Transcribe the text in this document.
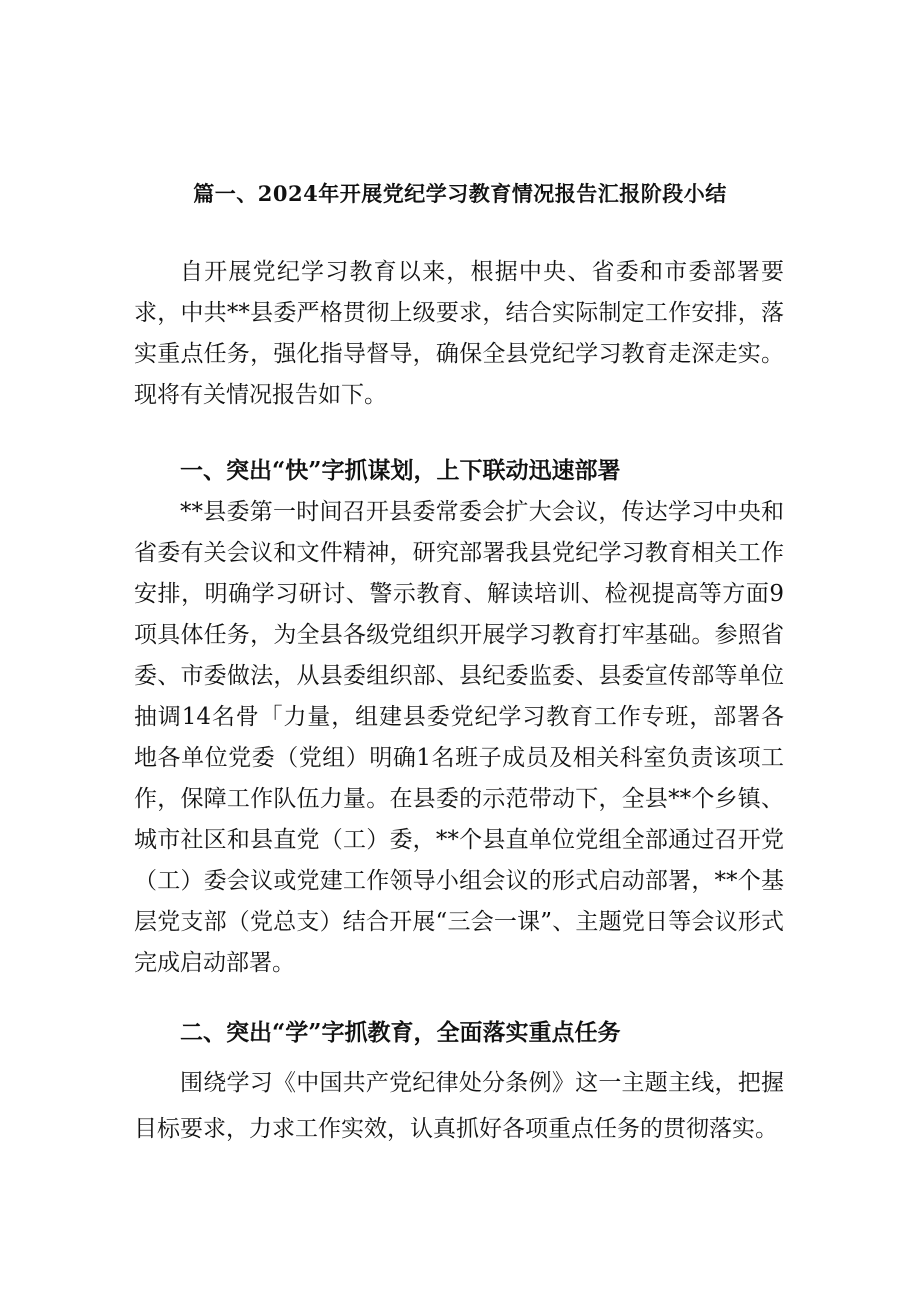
篇一、2024年开展党纪学习教育情况报告汇报阶段小结
自开展党纪学习教育以来，根据中央、省委和市委部署要求，中共**县委严格贯彻上级要求，结合实际制定工作安排，落实重点任务，强化指导督导，确保全县党纪学习教育走深走实。现将有关情况报告如下。
一、突出“快”字抓谋划，上下联动迅速部署
**县委第一时间召开县委常委会扩大会议，传达学习中央和省委有关会议和文件精神，研究部署我县党纪学习教育相关工作安排，明确学习研讨、警示教育、解读培训、检视提高等方面9项具体任务，为全县各级党组织开展学习教育打牢基础。参照省委、市委做法，从县委组织部、县纪委监委、县委宣传部等单位抽调14名骨「力量，组建县委党纪学习教育工作专班，部署各地各单位党委（党组）明确1名班子成员及相关科室负责该项工作，保障工作队伍力量。在县委的示范带动下，全县**个乡镇、城市社区和县直党（工）委，**个县直单位党组全部通过召开党（工）委会议或党建工作领导小组会议的形式启动部署，**个基层党支部（党总支）结合开展“三会一课”、主题党日等会议形式完成启动部署。
二、突出“学”字抓教育，全面落实重点任务
围绕学习《中国共产党纪律处分条例》这一主题主线，把握目标要求，力求工作实效，认真抓好各项重点任务的贯彻落实。
